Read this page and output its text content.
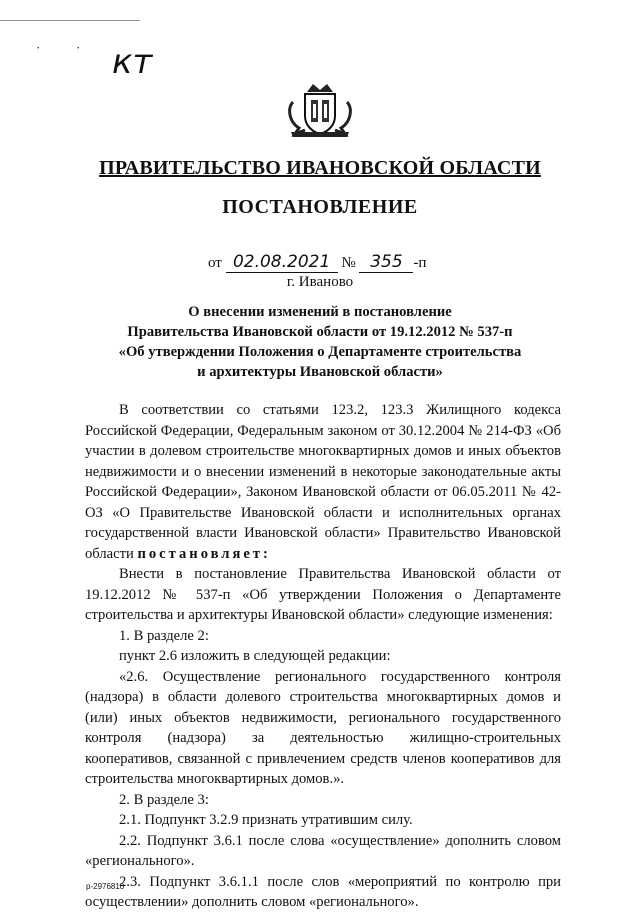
·	· кт
ПРАВИТЕЛЬСТВО ИВАНОВСКОЙ ОБЛАСТИ
ПОСТАНОВЛЕНИЕ
от 02.08.2021 № 355 -п
г. Иваново
О внесении изменений в постановление
Правительства Ивановской области от 19.12.2012 № 537-п
«Об утверждении Положения о Департаменте строительства
и архитектуры Ивановской области»

В соответствии со статьями 123.2, 123.3 Жилищного кодекса Российской Федерации, Федеральным законом от 30.12.2004 № 214-ФЗ «Об участии в долевом строительстве многоквартирных домов и иных объектов недвижимости и о внесении изменений в некоторые законодательные акты Российской Федерации», Законом Ивановской области от 06.05.2011 № 42-ОЗ «О Правительстве Ивановской области и исполнительных органах государственной власти Ивановской области» Правительство Ивановской области постановляет:

Внести в постановление Правительства Ивановской области от 19.12.2012 № 537-п «Об утверждении Положения о Департаменте строительства и архитектуры Ивановской области» следующие изменения:

1. В разделе 2:

пункт 2.6 изложить в следующей редакции:

«2.6. Осуществление регионального государственного контроля (надзора) в области долевого строительства многоквартирных домов и (или) иных объектов недвижимости, регионального государственного контроля (надзора) за деятельностью жилищно-строительных кооперативов, связанной с привлечением средств членов кооперативов для строительства многоквартирных домов.».

2. В разделе 3:

2.1. Подпункт 3.2.9 признать утратившим силу.

2.2. Подпункт 3.6.1 после слова «осуществление» дополнить словом «регионального».

2.3. Подпункт 3.6.1.1 после слов «мероприятий по контролю при осуществлении» дополнить словом «регионального».

p-2976810
